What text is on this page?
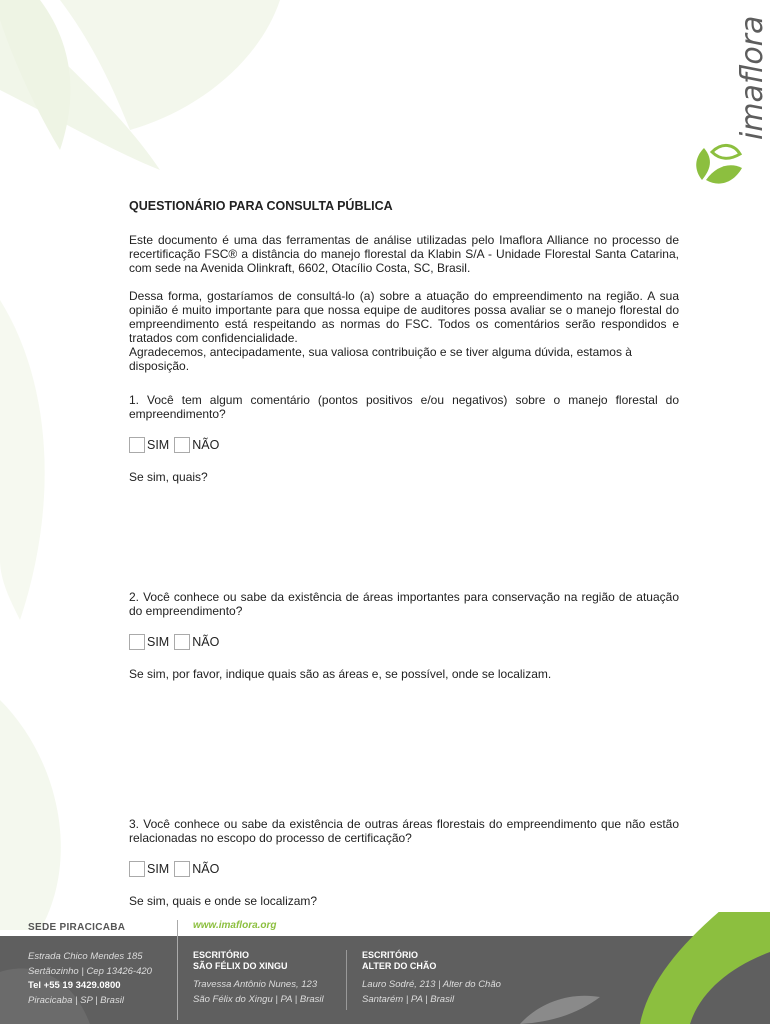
imaflora
QUESTIONÁRIO PARA CONSULTA PÚBLICA

Este documento é uma das ferramentas de análise utilizadas pelo Imaflora Alliance no processo de recertificação FSC® a distância do manejo florestal da Klabin S/A - Unidade Florestal Santa Catarina, com sede na Avenida Olinkraft, 6602, Otacílio Costa, SC, Brasil.

Dessa forma, gostaríamos de consultá-lo (a) sobre a atuação do empreendimento na região. A sua opinião é muito importante para que nossa equipe de auditores possa avaliar se o manejo florestal do empreendimento está respeitando as normas do FSC. Todos os comentários serão respondidos e tratados com confidencialidade.

Agradecemos, antecipadamente, sua valiosa contribuição e se tiver alguma dúvida, estamos à disposição.

1. Você tem algum comentário (pontos positivos e/ou negativos) sobre o manejo florestal do empreendimento?

SIM NÃO

Se sim, quais?

2. Você conhece ou sabe da existência de áreas importantes para conservação na região de atuação do empreendimento?

SIM NÃO

Se sim, por favor, indique quais são as áreas e, se possível, onde se localizam.

3. Você conhece ou sabe da existência de outras áreas florestais do empreendimento que não estão relacionadas no escopo do processo de certificação?

SIM NÃO

Se sim, quais e onde se localizam?

SEDE PIRACICABA	www.imaflora.org
Estrada Chico Mendes 185
Sertãozinho | Cep 13426-420
Tel +55 19 3429.0800
Piracicaba | SP | Brasil
ESCRITÓRIO
SÃO FÉLIX DO XINGU
Travessa Antônio Nunes, 123
São Félix do Xingu | PA | Brasil
ESCRITÓRIO
ALTER DO CHÃO
Lauro Sodré, 213 | Alter do Chão
Santarém | PA | Brasil
